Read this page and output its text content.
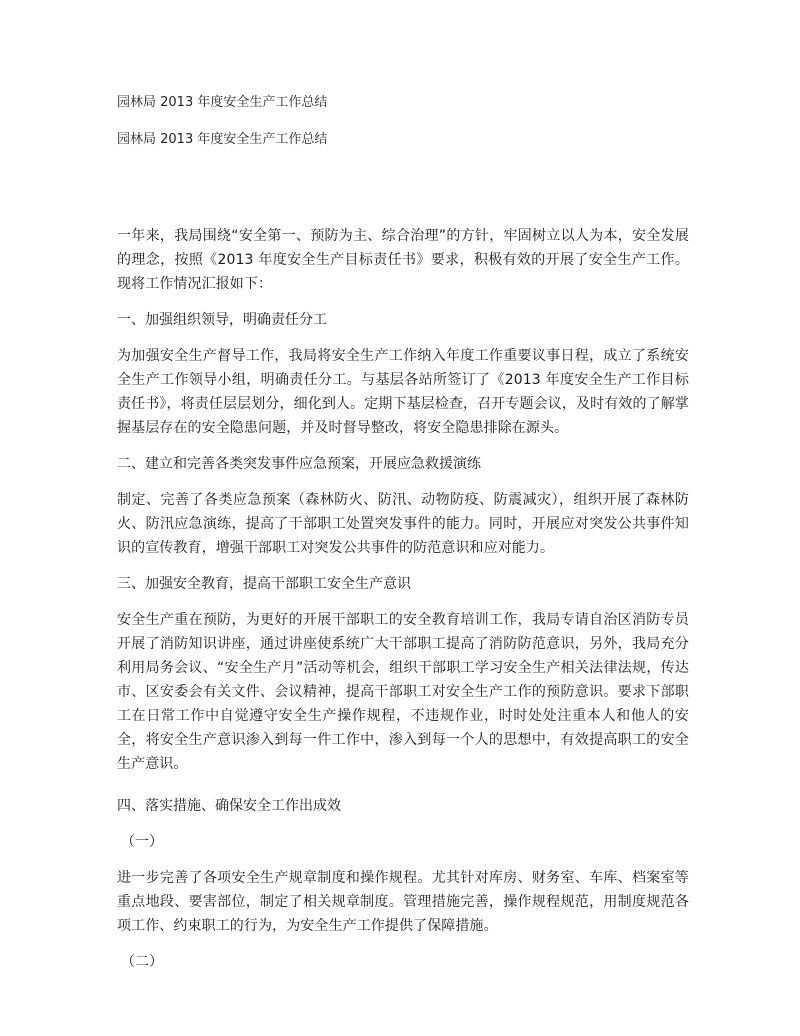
园林局 2013 年度安全生产工作总结
园林局 2013 年度安全生产工作总结

一年来，我局围绕“安全第一、预防为主、综合治理”的方针，牢固树立以人为本，安全发展的理念，按照《2013 年度安全生产目标责任书》要求，积极有效的开展了安全生产工作。现将工作情况汇报如下：

一、加强组织领导，明确责任分工

为加强安全生产督导工作，我局将安全生产工作纳入年度工作重要议事日程，成立了系统安全生产工作领导小组，明确责任分工。与基层各站所签订了《2013 年度安全生产工作目标责任书》，将责任层层划分，细化到人。定期下基层检查，召开专题会议，及时有效的了解掌握基层存在的安全隐患问题，并及时督导整改，将安全隐患排除在源头。

二、建立和完善各类突发事件应急预案，开展应急救援演练

制定、完善了各类应急预案（森林防火、防汛、动物防疫、防震减灾），组织开展了森林防火、防汛应急演练，提高了干部职工处置突发事件的能力。同时，开展应对突发公共事件知识的宣传教育，增强干部职工对突发公共事件的防范意识和应对能力。

三、加强安全教育，提高干部职工安全生产意识

安全生产重在预防，为更好的开展干部职工的安全教育培训工作，我局专请自治区消防专员开展了消防知识讲座，通过讲座使系统广大干部职工提高了消防防范意识，另外，我局充分利用局务会议、“安全生产月”活动等机会，组织干部职工学习安全生产相关法律法规，传达市、区安委会有关文件、会议精神，提高干部职工对安全生产工作的预防意识。要求下部职工在日常工作中自觉遵守安全生产操作规程，不违规作业，时时处处注重本人和他人的安全，将安全生产意识渗入到每一件工作中，渗入到每一个人的思想中，有效提高职工的安全生产意识。

四、落实措施、确保安全工作出成效

（一）

进一步完善了各项安全生产规章制度和操作规程。尤其针对库房、财务室、车库、档案室等重点地段、要害部位，制定了相关规章制度。管理措施完善，操作规程规范，用制度规范各项工作、约束职工的行为，为安全生产工作提供了保障措施。

（二）
